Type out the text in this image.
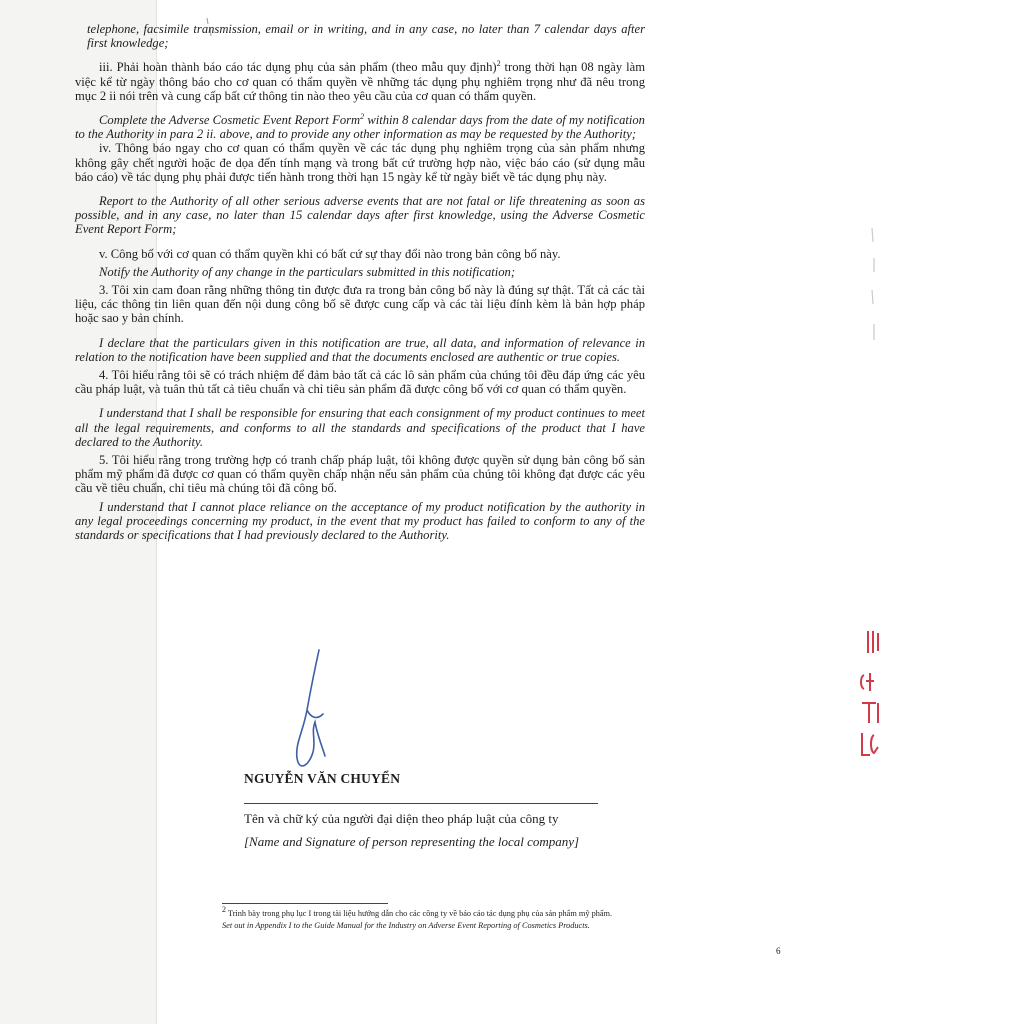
telephone, facsimile transmission, email or in writing, and in any case, no later than 7 calendar days after first knowledge;

iii. Phải hoàn thành báo cáo tác dụng phụ của sản phẩm (theo mẫu quy định)$^2$ trong thời hạn 08 ngày làm việc kể từ ngày thông báo cho cơ quan có thẩm quyền về những tác dụng phụ nghiêm trọng như đã nêu trong mục 2 ii nói trên và cung cấp bất cứ thông tin nào theo yêu cầu của cơ quan có thẩm quyền.

Complete the Adverse Cosmetic Event Report Form$^2$ within 8 calendar days from the date of my notification to the Authority in para 2 ii. above, and to provide any other information as may be requested by the Authority;

iv. Thông báo ngay cho cơ quan có thẩm quyền về các tác dụng phụ nghiêm trọng của sản phẩm nhưng không gây chết người hoặc đe dọa đến tính mạng và trong bất cứ trường hợp nào, việc báo cáo (sử dụng mẫu báo cáo) về tác dụng phụ phải được tiến hành trong thời hạn 15 ngày kể từ ngày biết về tác dụng phụ này.

Report to the Authority of all other serious adverse events that are not fatal or life threatening as soon as possible, and in any case, no later than 15 calendar days after first knowledge, using the Adverse Cosmetic Event Report Form;

v. Công bố với cơ quan có thẩm quyền khi có bất cứ sự thay đổi nào trong bản công bố này.

Notify the Authority of any change in the particulars submitted in this notification;

3. Tôi xin cam đoan rằng những thông tin được đưa ra trong bản công bố này là đúng sự thật. Tất cả các tài liệu, các thông tin liên quan đến nội dung công bố sẽ được cung cấp và các tài liệu đính kèm là bản hợp pháp hoặc sao y bản chính.

I declare that the particulars given in this notification are true, all data, and information of relevance in relation to the notification have been supplied and that the documents enclosed are authentic or true copies.

4. Tôi hiểu rằng tôi sẽ có trách nhiệm để đảm bảo tất cả các lô sản phẩm của chúng tôi đều đáp ứng các yêu cầu pháp luật, và tuân thủ tất cả tiêu chuẩn và chỉ tiêu sản phẩm đã được công bố với cơ quan có thẩm quyền.

I understand that I shall be responsible for ensuring that each consignment of my product continues to meet all the legal requirements, and conforms to all the standards and specifications of the product that I have declared to the Authority.

5. Tôi hiểu rằng trong trường hợp có tranh chấp pháp luật, tôi không được quyền sử dụng bản công bố sản phẩm mỹ phẩm đã được cơ quan có thẩm quyền chấp nhận nếu sản phẩm của chúng tôi không đạt được các yêu cầu về tiêu chuẩn, chỉ tiêu mà chúng tôi đã công bố.

I understand that I cannot place reliance on the acceptance of my product notification by the authority in any legal proceedings concerning my product, in the event that my product has failed to conform to any of the standards or specifications that I had previously declared to the Authority.

NGUYỄN VĂN CHUYỂN
Tên và chữ ký của người đại diện theo pháp luật của công ty
[Name and Signature of person representing the local company]
$^2$ Trình bày trong phụ lục I trong tài liệu hướng dẫn cho các công ty về báo cáo tác dụng phụ của sản phẩm mỹ phẩm.
Set out in Appendix I to the Guide Manual for the Industry on Adverse Event Reporting of Cosmetics Products.
6
